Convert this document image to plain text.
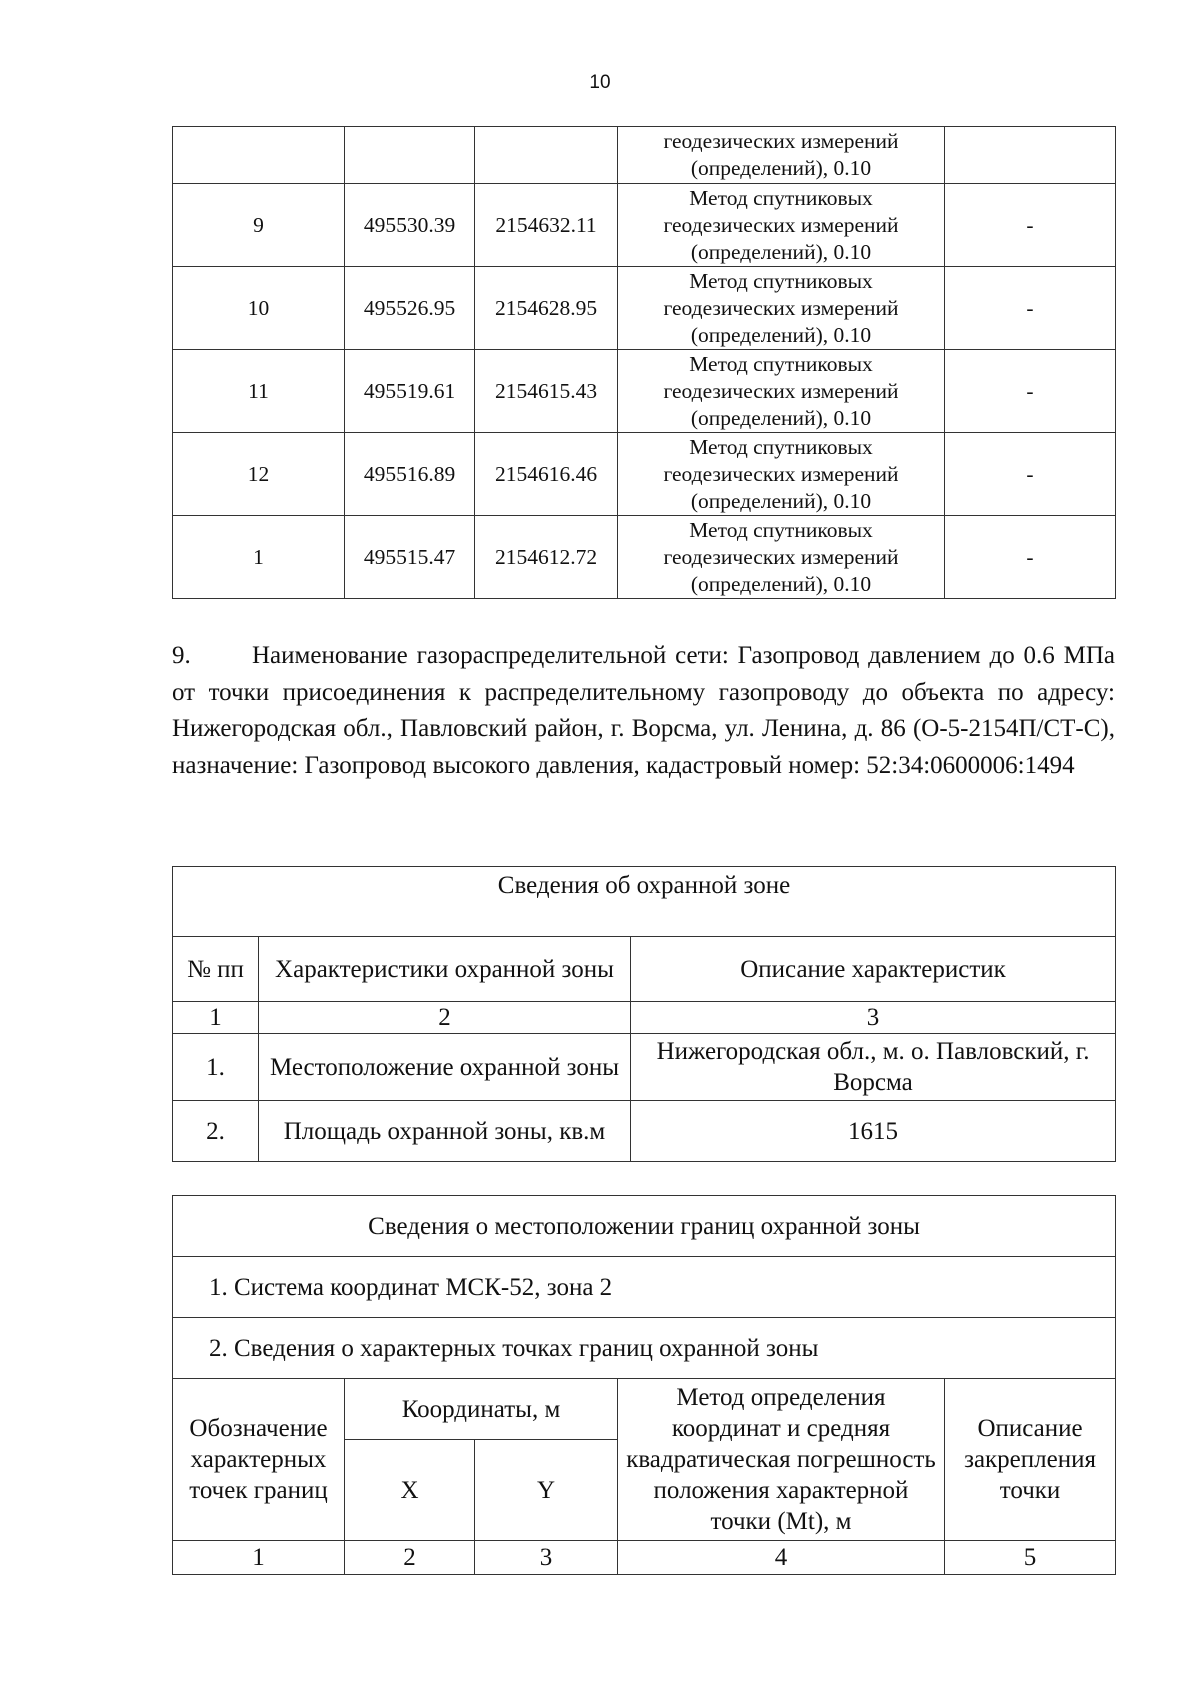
10
			геодезических измерений (определений), 0.10	
9	495530.39	2154632.11	Метод спутниковых геодезических измерений (определений), 0.10	-
10	495526.95	2154628.95	Метод спутниковых геодезических измерений (определений), 0.10	-
11	495519.61	2154615.43	Метод спутниковых геодезических измерений (определений), 0.10	-
12	495516.89	2154616.46	Метод спутниковых геодезических измерений (определений), 0.10	-
1	495515.47	2154612.72	Метод спутниковых геодезических измерений (определений), 0.10	-

9. Наименование газораспределительной сети: Газопровод давлением до 0.6 МПа от точки присоединения к распределительному газопроводу до объекта по адресу: Нижегородская обл., Павловский район, г. Ворсма, ул. Ленина, д. 86 (О-5-2154П/СТ-С), назначение: Газопровод высокого давления, кадастровый номер: 52:34:0600006:1494

Сведения об охранной зоне		
№ пп	Характеристики охранной зоны	Описание характеристик
1	2	3
1.	Местоположение охранной зоны	Нижегородская обл., м. о. Павловский, г. Ворсма
2.	Площадь охранной зоны, кв.м	1615
Сведения о местоположении границ охранной зоны				
1. Система координат МСК-52, зона 2				
2. Сведения о характерных точках границ охранной зоны				
Обозначение характерных точек границ	Координаты, м		Метод определения координат и средняя квадратическая погрешность положения характерной точки (Mt), м	Описание закрепления точки
	X	Y		
1	2	3	4	5
